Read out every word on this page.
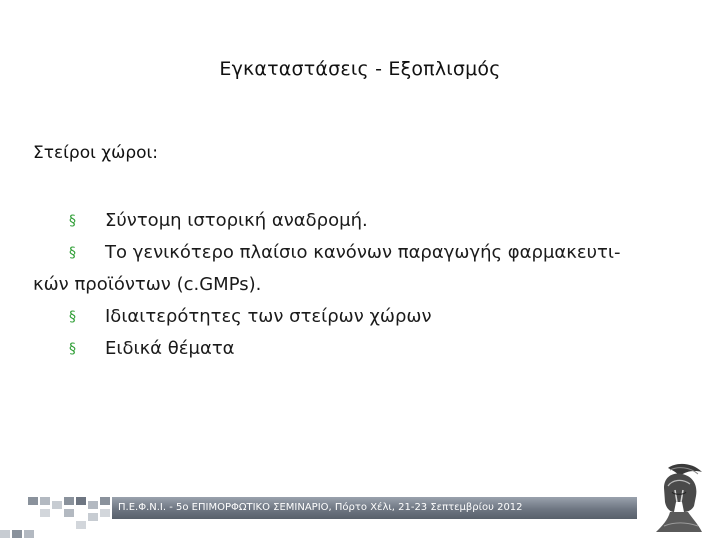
Εγκαταστάσεις - Εξοπλισμός
Στείροι χώροι:
§ Σύντομη ιστορική αναδρομή.
§ Το γενικότερο πλαίσιο κανόνων παραγωγής φαρμακευτι-
κών προϊόντων (c.GMPs).
§ Ιδιαιτερότητες των στείρων χώρων
§ Ειδικά θέματα
Π.Ε.Φ.Ν.Ι. - 5ο ΕΠΙΜΟΡΦΩΤΙΚΟ ΣΕΜΙΝΑΡΙΟ, Πόρτο Χέλι, 21-23 Σεπτεμβρίου 2012
